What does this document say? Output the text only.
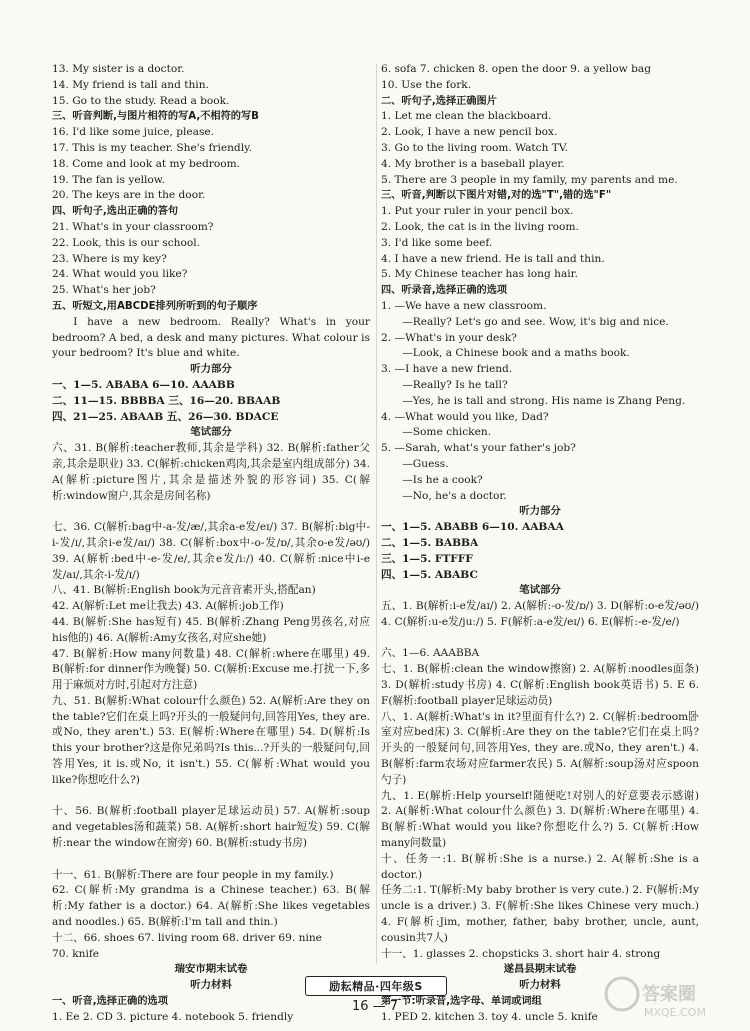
13. My sister is a doctor.
14. My friend is tall and thin.
15. Go to the study. Read a book.
三、听音判断,与图片相符的写A,不相符的写B
16. I'd like some juice, please.
17. This is my teacher. She's friendly.
18. Come and look at my bedroom.
19. The fan is yellow.
20. The keys are in the door.
四、听句子,选出正确的答句
21. What's in your classroom?
22. Look, this is our school.
23. Where is my key?
24. What would you like?
25. What's her job?
五、听短文,用ABCDE排列所听到的句子顺序
I have a new bedroom. Really? What's in your bedroom? A bed, a desk and many pictures. What colour is your bedroom? It's blue and white.
听力部分
一、1—5. ABABA 6—10. AAABB
二、11—15. BBBBA 三、16—20. BBAAB
四、21—25. ABAAB 五、26—30. BDACE
笔试部分
六、31. B(解析:teacher教师,其余是学科) 32. B(解析:father父亲,其余是职业) 33. C(解析:chicken鸡肉,其余是室内组成部分) 34. A(解析:picture图片,其余是描述外貌的形容词) 35. C(解析:window窗户,其余是房间名称)
七、36. C(解析:bag中-a-发/æ/,其余a-e发/eɪ/) 37. B(解析:big中-i-发/ɪ/,其余i-e发/aɪ/) 38. C(解析:box中-o-发/ɒ/,其余o-e发/əʊ/) 39. A(解析:bed中-e-发/e/,其余e发/iː/) 40. C(解析:nice中i-e发/aɪ/,其余-i-发/ɪ/)
八、41. B(解析:English book为元音音素开头,搭配an)
42. A(解析:Let me让我去) 43. A(解析:job工作)
44. B(解析:She has短有) 45. B(解析:Zhang Peng男孩名,对应his他的) 46. A(解析:Amy女孩名,对应she她)
47. B(解析:How many问数量) 48. C(解析:where在哪里) 49. B(解析:for dinner作为晚餐) 50. C(解析:Excuse me.打扰一下,多用于麻烦对方时,引起对方注意)
九、51. B(解析:What colour什么颜色) 52. A(解析:Are they on the table?它们在桌上吗?开头的一般疑问句,回答用Yes, they are.或No, they aren't.) 53. E(解析:Where在哪里) 54. D(解析:Is this your brother?这是你兄弟吗?Is this...?开头的一般疑问句,回答用Yes, it is.或No, it isn't.) 55. C(解析:What would you like?你想吃什么?)
十、56. B(解析:football player足球运动员) 57. A(解析:soup and vegetables汤和蔬菜) 58. A(解析:short hair短发) 59. C(解析:near the window在窗旁) 60. B(解析:study书房)
十一、61. B(解析:There are four people in my family.)
62. C(解析:My grandma is a Chinese teacher.) 63. B(解析:My father is a doctor.) 64. A(解析:She likes vegetables and noodles.) 65. B(解析:I'm tall and thin.)
十二、66. shoes 67. living room 68. driver 69. nine
70. knife
瑞安市期末试卷
听力材料
一、听音,选择正确的选项
1. Ee 2. CD 3. picture 4. notebook 5. friendly
6. sofa 7. chicken 8. open the door 9. a yellow bag
10. Use the fork.
二、听句子,选择正确图片
1. Let me clean the blackboard.
2. Look, I have a new pencil box.
3. Go to the living room. Watch TV.
4. My brother is a baseball player.
5. There are 3 people in my family, my parents and me.
三、听音,判断以下图片对错,对的选"T",错的选"F"
1. Put your ruler in your pencil box.
2. Look, the cat is in the living room.
3. I'd like some beef.
4. I have a new friend. He is tall and thin.
5. My Chinese teacher has long hair.
四、听录音,选择正确的选项
1. —We have a new classroom.
—Really? Let's go and see. Wow, it's big and nice.
2. —What's in your desk?
—Look, a Chinese book and a maths book.
3. —I have a new friend.
—Really? Is he tall?
—Yes, he is tall and strong. His name is Zhang Peng.
4. —What would you like, Dad?
—Some chicken.
5. —Sarah, what's your father's job?
—Guess.
—Is he a cook?
—No, he's a doctor.
听力部分
一、1—5. ABABB 6—10. AABAA
二、1—5. BABBA
三、1—5. FTFFF
四、1—5. ABABC
笔试部分
五、1. B(解析:i-e发/aɪ/) 2. A(解析:-o-发/ɒ/) 3. D(解析:o-e发/əʊ/) 4. C(解析:u-e发/juː/) 5. F(解析:a-e发/eɪ/) 6. E(解析:-e-发/e/)
六、1—6. AAABBA
七、1. B(解析:clean the window擦窗) 2. A(解析:noodles面条) 3. D(解析:study书房) 4. C(解析:English book英语书) 5. E 6. F(解析:football player足球运动员)
八、1. A(解析:What's in it?里面有什么?) 2. C(解析:bedroom卧室对应bed床) 3. C(解析:Are they on the table?它们在桌上吗?开头的一般疑问句,回答用Yes, they are.或No, they aren't.) 4. B(解析:farm农场对应farmer农民) 5. A(解析:soup汤对应spoon勺子)
九、1. E(解析:Help yourself!随便吃!对别人的好意要表示感谢) 2. A(解析:What colour什么颜色) 3. D(解析:Where在哪里) 4. B(解析:What would you like?你想吃什么?) 5. C(解析:How many问数量)
十、任务一:1. B(解析:She is a nurse.) 2. A(解析:She is a doctor.)
任务二:1. T(解析:My baby brother is very cute.) 2. F(解析:My uncle is a driver.) 3. F(解析:She likes Chinese very much.) 4. F(解析:Jim, mother, father, baby brother, uncle, aunt, cousin共7人)
十一、1. glasses 2. chopsticks 3. short hair 4. strong
遂昌县期末试卷
听力材料
第一节:听录音,选字母、单词或词组
1. PED 2. kitchen 3. toy 4. uncle 5. knife
励耘精品·四年级S
16 — 7
答案圈
MXQE.COM
